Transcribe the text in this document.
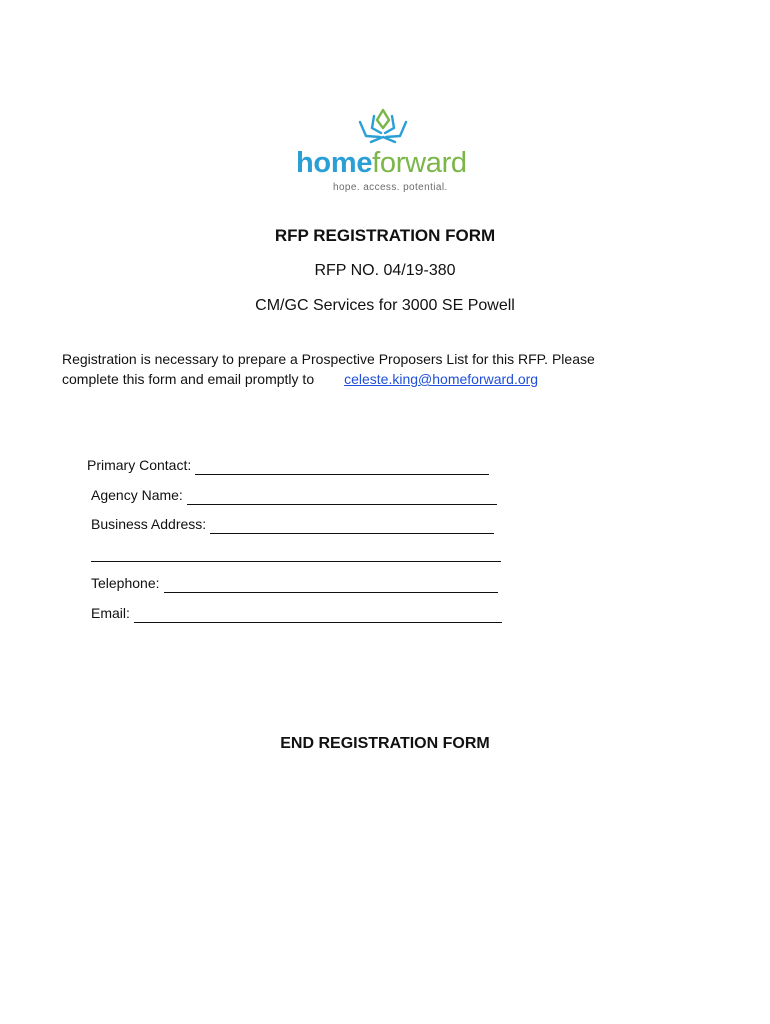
homeforward
hope. access. potential.
RFP REGISTRATION FORM
RFP NO. 04/19-380
CM/GC Services for 3000 SE Powell
Registration is necessary to prepare a Prospective Proposers List for this RFP. Please
complete this form and email promptly to celeste.king@homeforward.org
Primary Contact:
Agency Name:
Business Address:
Telephone:
Email:
END REGISTRATION FORM
